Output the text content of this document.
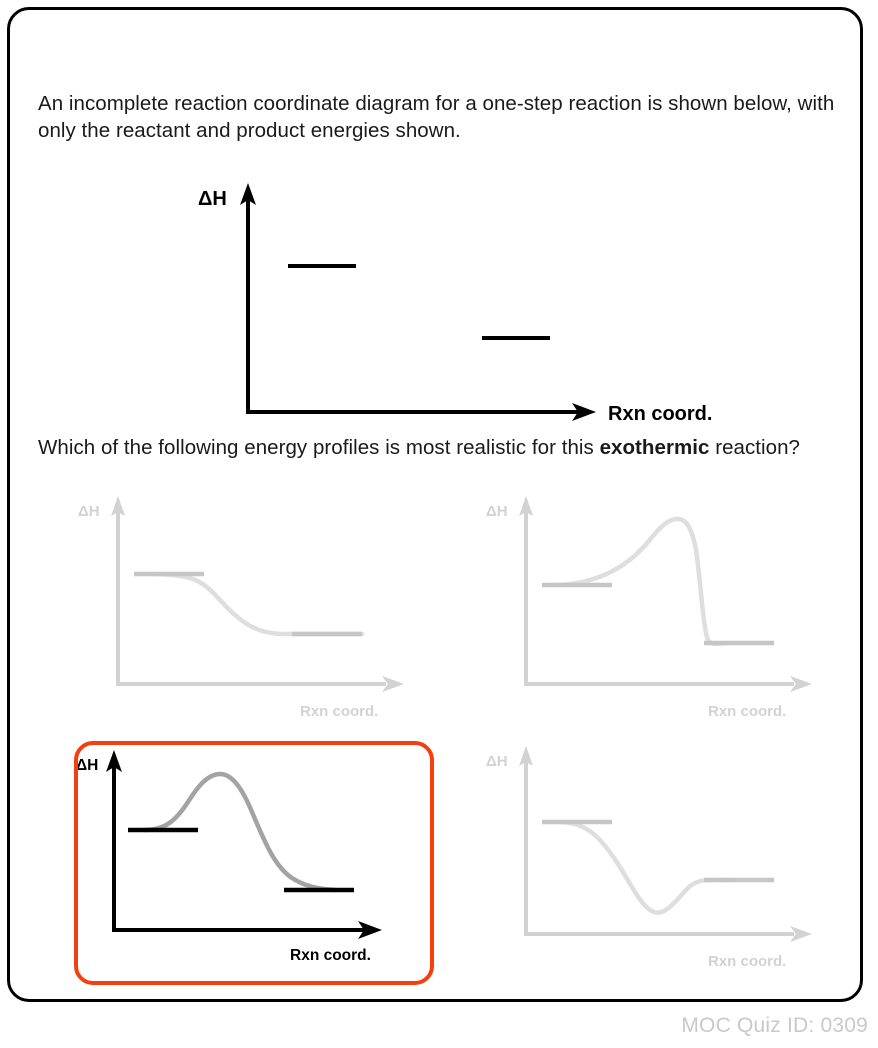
An incomplete reaction coordinate diagram for a one-step reaction is shown below, with only the reactant and product energies shown.
ΔH
Rxn coord.
Which of the following energy profiles is most realistic for this exothermic reaction?
ΔH
Rxn coord.
ΔH
Rxn coord.
ΔH
Rxn coord.
ΔH
Rxn coord.
MOC Quiz ID: 0309
